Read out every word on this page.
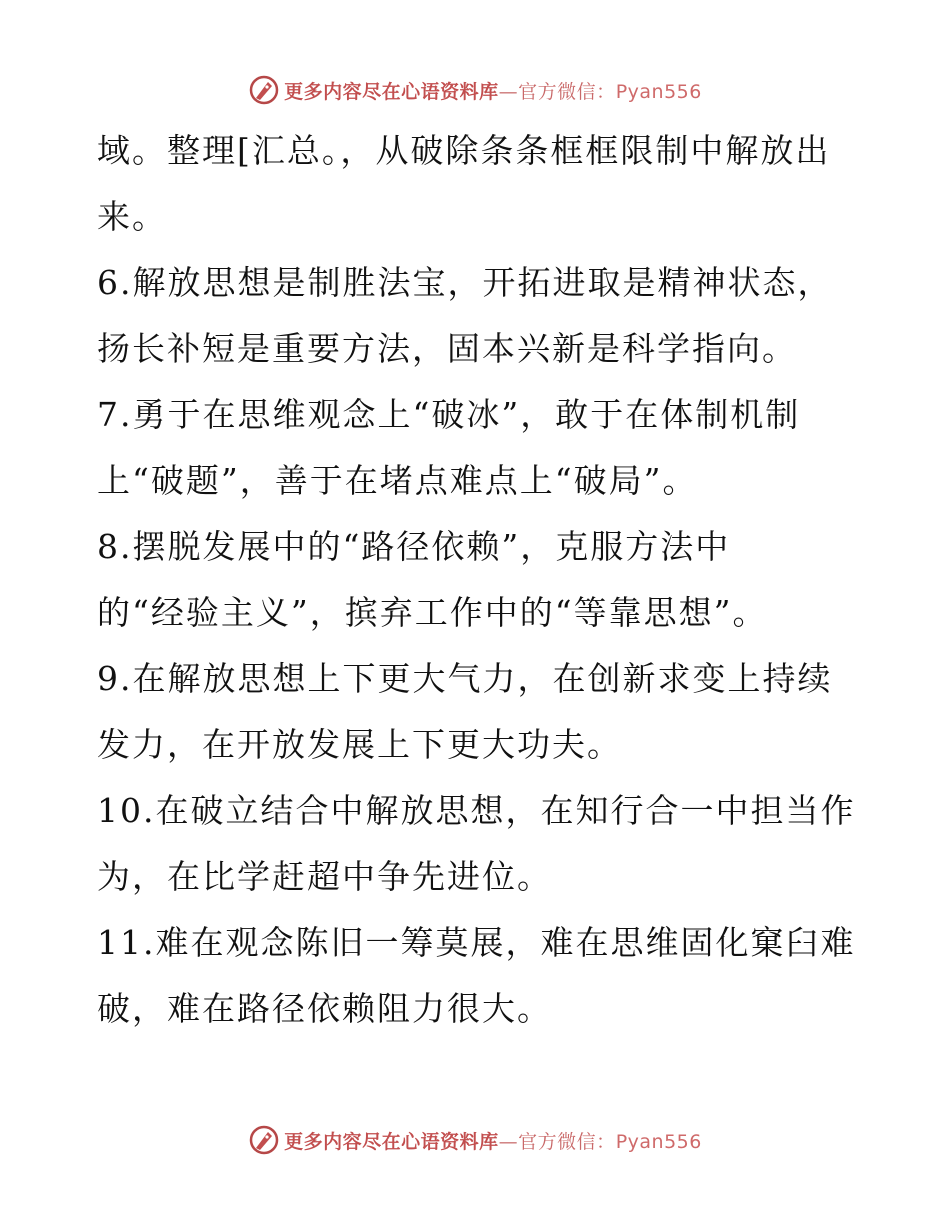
更多内容尽在心语资料库—官方微信：Pyan556

域。整理[汇总。，从破除条条框框限制中解放出
来。

6.解放思想是制胜法宝，开拓进取是精神状态，
扬长补短是重要方法，固本兴新是科学指向。

7.勇于在思维观念上“破冰”，敢于在体制机制
上“破题”，善于在堵点难点上“破局”。

8.摆脱发展中的“路径依赖”，克服方法中
的“经验主义”，摈弃工作中的“等靠思想”。

9.在解放思想上下更大气力，在创新求变上持续
发力，在开放发展上下更大功夫。

10.在破立结合中解放思想，在知行合一中担当作
为，在比学赶超中争先进位。

11.难在观念陈旧一筹莫展，难在思维固化窠臼难
破，难在路径依赖阻力很大。

更多内容尽在心语资料库—官方微信：Pyan556
